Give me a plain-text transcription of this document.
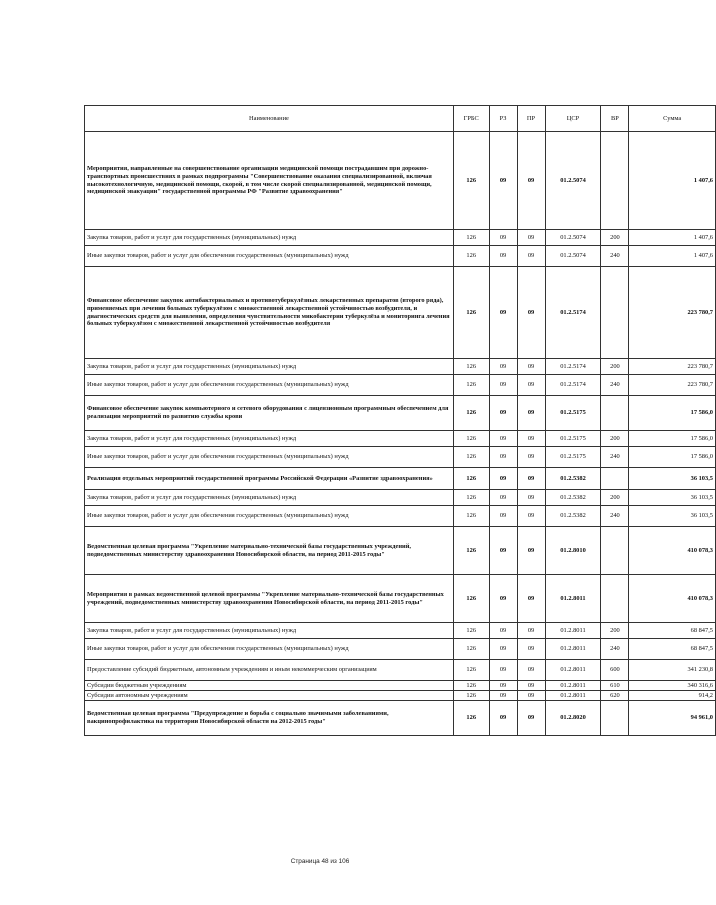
Наименование	ГРБС	РЗ	ПР	ЦСР	ВР	Сумма
Мероприятия, направленные на совершенствование организации медицинской помощи пострадавшим при дорожно-транспортных происшествиях в рамках подпрограммы "Совершенствование оказания специализированной, включая высокотехнологичную, медицинской помощи, скорой, в том числе скорой специализированной, медицинской помощи, медицинской эвакуации" государственной программы РФ "Развитие здравоохранения"	126	09	09	01.2.5074		1 407,6
Закупка товаров, работ и услуг для государственных (муниципальных) нужд	126	09	09	01.2.5074	200	1 407,6
Иные закупки товаров, работ и услуг для обеспечения государственных (муниципальных) нужд	126	09	09	01.2.5074	240	1 407,6
Финансовое обеспечение закупок антибактериальных и противотуберкулёзных лекарственных препаратов (второго ряда), применяемых при лечении больных туберкулёзом с множественной лекарственной устойчивостью возбудителя, и диагностических средств для выявления, определения чувствительности микобактерии туберкулёза и мониторинга лечения больных туберкулёзом с множественной лекарственной устойчивостью возбудителя	126	09	09	01.2.5174		223 780,7
Закупка товаров, работ и услуг для государственных (муниципальных) нужд	126	09	09	01.2.5174	200	223 780,7
Иные закупки товаров, работ и услуг для обеспечения государственных (муниципальных) нужд	126	09	09	01.2.5174	240	223 780,7
Финансовое обеспечение закупок компьютерного и сетевого оборудования с лицензионным программным обеспечением для реализации мероприятий по развитию службы крови	126	09	09	01.2.5175		17 586,0
Закупка товаров, работ и услуг для государственных (муниципальных) нужд	126	09	09	01.2.5175	200	17 586,0
Иные закупки товаров, работ и услуг для обеспечения государственных (муниципальных) нужд	126	09	09	01.2.5175	240	17 586,0
Реализация отдельных мероприятий государственной программы Российской Федерации «Развитие здравоохранения»	126	09	09	01.2.5382		36 103,5
Закупка товаров, работ и услуг для государственных (муниципальных) нужд	126	09	09	01.2.5382	200	36 103,5
Иные закупки товаров, работ и услуг для обеспечения государственных (муниципальных) нужд	126	09	09	01.2.5382	240	36 103,5
Ведомственная целевая программа "Укрепление материально-технической базы государственных учреждений, подведомственных министерству здравоохранения Новосибирской области, на период 2011-2015 годы"	126	09	09	01.2.8010		410 078,3
Мероприятия в рамках ведомственной целевой программы "Укрепление материально-технической базы государственных учреждений, подведомственных министерству здравоохранения Новосибирской области, на период 2011-2015 годы"	126	09	09	01.2.8011		410 078,3
Закупка товаров, работ и услуг для государственных (муниципальных) нужд	126	09	09	01.2.8011	200	68 847,5
Иные закупки товаров, работ и услуг для обеспечения государственных (муниципальных) нужд	126	09	09	01.2.8011	240	68 847,5
Предоставление субсидий бюджетным, автономным учреждениям и иным некоммерческим организациям	126	09	09	01.2.8011	600	341 230,8
Субсидии бюджетным учреждениям	126	09	09	01.2.8011	610	340 316,6
Субсидии автономным учреждениям	126	09	09	01.2.8011	620	914,2
Ведомственная целевая программа "Предупреждение и борьба с социально значимыми заболеваниями, вакцинопрофилактика на территории Новосибирской области на 2012-2015 годы"	126	09	09	01.2.8020		94 961,0
Страница 48 из 106
